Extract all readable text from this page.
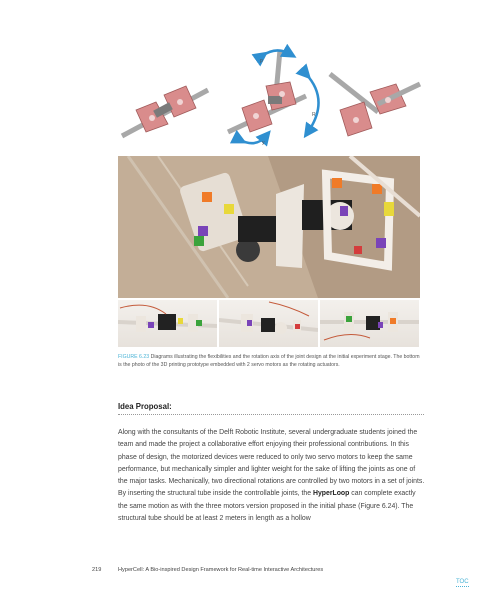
p
R
y
FIGURE 6.23 Diagrams illustrating the flexibilities and the rotation axis of the joint design at the initial experiment stage. The bottom is the photo of the 3D printing prototype embedded with 2 servo motors as the rotating actuators.
Idea Proposal:
Along with the consultants of the Delft Robotic Institute, several undergraduate students joined the team and made the project a collaborative effort enjoying their professional contributions. In this phase of design, the motorized devices were reduced to only two servo motors to keep the same performance, but mechanically simpler and lighter weight for the sake of lifting the joints as one of the major tasks. Mechanically, two directional rotations are controlled by two motors in a set of joints. By inserting the structural tube inside the controllable joints, the HyperLoop can complete exactly the same motion as with the three motors version proposed in the initial phase (Figure 6.24). The structural tube should be at least 2 meters in length as a hollow
219	HyperCell: A Bio-inspired Design Framework for Real-time Interactive Architectures
TOC
